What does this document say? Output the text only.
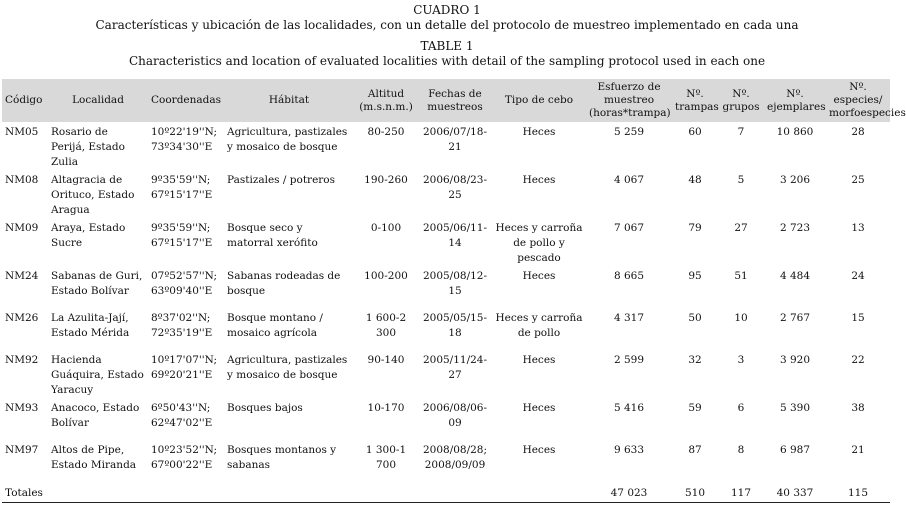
CUADRO 1
Características y ubicación de las localidades, con un detalle del protocolo de muestreo implementado en cada una
TABLE 1
Characteristics and location of evaluated localities with detail of the sampling protocol used in each one
Código	Localidad	Coordenadas	Hábitat	Altitud (m.s.n.m.)	Fechas de muestreos	Tipo de cebo	Esfuerzo de muestreo (horas*trampa)	Nº. trampas	Nº. grupos	Nº. ejemplares	Nº. especies/ morfoespecies
NM05	Rosario de Perijá, Estado Zulia	10º22'19''N; 73º34'30''E	Agricultura, pastizales y mosaico de bosque	80-250	2006/07/18-21	Heces	5 259	60	7	10 860	28
NM08	Altagracia de Orituco, Estado Aragua	9º35'59''N; 67º15'17''E	Pastizales / potreros	190-260	2006/08/23-25	Heces	4 067	48	5	3 206	25
NM09	Araya, Estado Sucre	9º35'59''N; 67º15'17''E	Bosque seco y matorral xerófito	0-100	2005/06/11-14	Heces y carroña de pollo y pescado	7 067	79	27	2 723	13
NM24	Sabanas de Guri, Estado Bolívar	07º52'57''N; 63º09'40''E	Sabanas rodeadas de bosque	100-200	2005/08/12-15	Heces	8 665	95	51	4 484	24
NM26	La Azulita-Jají, Estado Mérida	8º37'02''N; 72º35'19''E	Bosque montano / mosaico agrícola	1 600-2 300	2005/05/15-18	Heces y carroña de pollo	4 317	50	10	2 767	15
NM92	Hacienda Guáquira, Estado Yaracuy	10º17'07''N; 69º20'21''E	Agricultura, pastizales y mosaico de bosque	90-140	2005/11/24-27	Heces	2 599	32	3	3 920	22
NM93	Anacoco, Estado Bolívar	6º50'43''N; 62º47'02''E	Bosques bajos	10-170	2006/08/06-09	Heces	5 416	59	6	5 390	38
NM97	Altos de Pipe, Estado Miranda	10º23'52''N; 67º00'22''E	Bosques montanos y sabanas	1 300-1 700	2008/08/28; 2008/09/09	Heces	9 633	87	8	6 987	21
Totales							47 023	510	117	40 337	115
